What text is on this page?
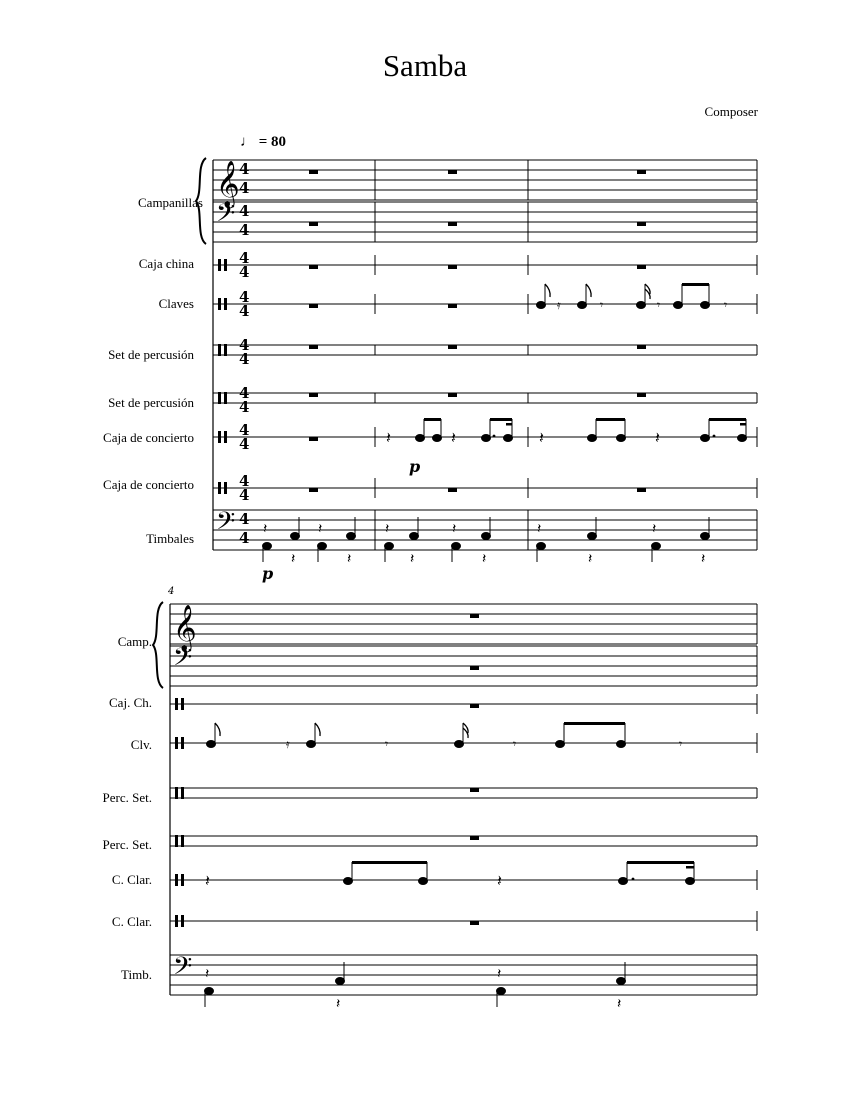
Samba
Composer
♩ = 80
Campanillas
Caja china
Claves
Set de percusión
Set de percusión
Caja de concierto
Caja de concierto
Timbales
Camp.
Caj. Ch.
Clv.
Perc. Set.
Perc. Set.
C. Clar.
C. Clar.
Timb.
𝄞
𝄢
𝄢
𝄞
𝄢
𝄢
4
4
4
4
4
4
4
4
4
4
4
4
4
4
4
4
4
4
𝄿	𝄾	𝄾	𝄾
𝄽	𝄽	𝄽	𝄽
p
𝄽
𝄽
𝄽
𝄽
𝄽
𝄽
𝄽
𝄽
𝄽
𝄽
𝄽
𝄽
p
4
𝄿	𝄾	𝄾	𝄾
𝄽	𝄽
𝄽
𝄽
𝄽
𝄽
